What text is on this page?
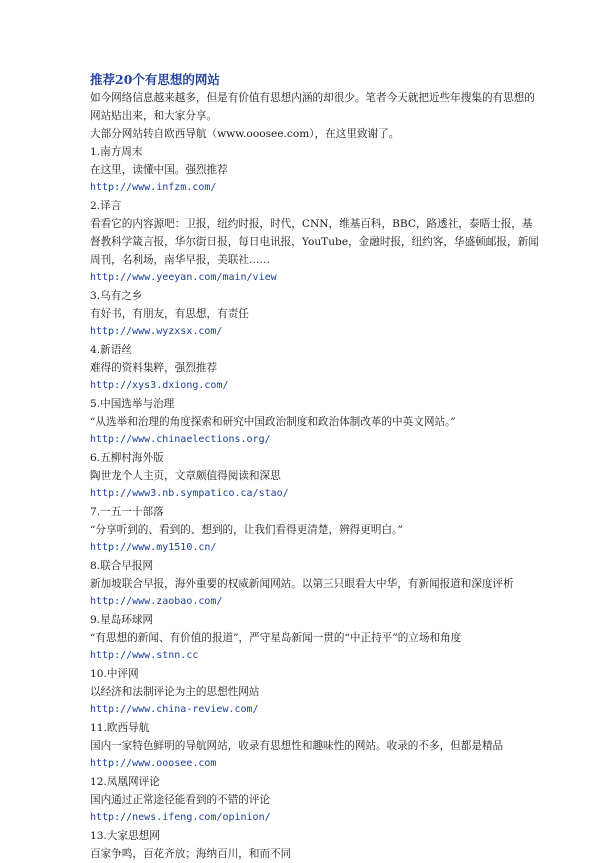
推荐20个有思想的网站

如今网络信息越来越多，但是有价值有思想内涵的却很少。笔者今天就把近些年搜集的有思想的网站贴出来，和大家分享。

大部分网站转自欧西导航（www.ooosee.com），在这里致谢了。

1.南方周末

在这里，读懂中国。强烈推荐

http://www.infzm.com/

2.译言

看看它的内容源吧：卫报，纽约时报，时代，CNN，维基百科，BBC，路透社，泰晤士报，基督教科学箴言报，华尔街日报，每日电讯报，YouTube，金融时报，纽约客，华盛顿邮报，新闻周刊，名利场，南华早报，美联社……

http://www.yeeyan.com/main/view

3.乌有之乡

有好书，有朋友，有思想，有责任

http://www.wyzxsx.com/

4.新语丝

难得的资料集粹，强烈推荐

http://xys3.dxiong.com/

5.中国选举与治理

“从选举和治理的角度探索和研究中国政治制度和政治体制改革的中英文网站。”

http://www.chinaelections.org/

6.五柳村海外版

陶世龙个人主页，文章颇值得阅读和深思

http://www3.nb.sympatico.ca/stao/

7.一五一十部落

“分享听到的、看到的、想到的，让我们看得更清楚，辨得更明白。”

http://www.my1510.cn/

8.联合早报网

新加坡联合早报，海外重要的权威新闻网站。以第三只眼看大中华，有新闻报道和深度评析

http://www.zaobao.com/

9.星岛环球网

“有思想的新闻、有价值的报道”，严守星岛新闻一贯的“中正持平”的立场和角度

http://www.stnn.cc

10.中评网

以经济和法制评论为主的思想性网站

http://www.china-review.com/

11.欧西导航

国内一家特色鲜明的导航网站，收录有思想性和趣味性的网站。收录的不多，但都是精品

http://www.ooosee.com

12.凤凰网评论

国内通过正常途径能看到的不错的评论

http://news.ifeng.com/opinion/

13.大家思想网

百家争鸣，百花齐放；海纳百川，和而不同
